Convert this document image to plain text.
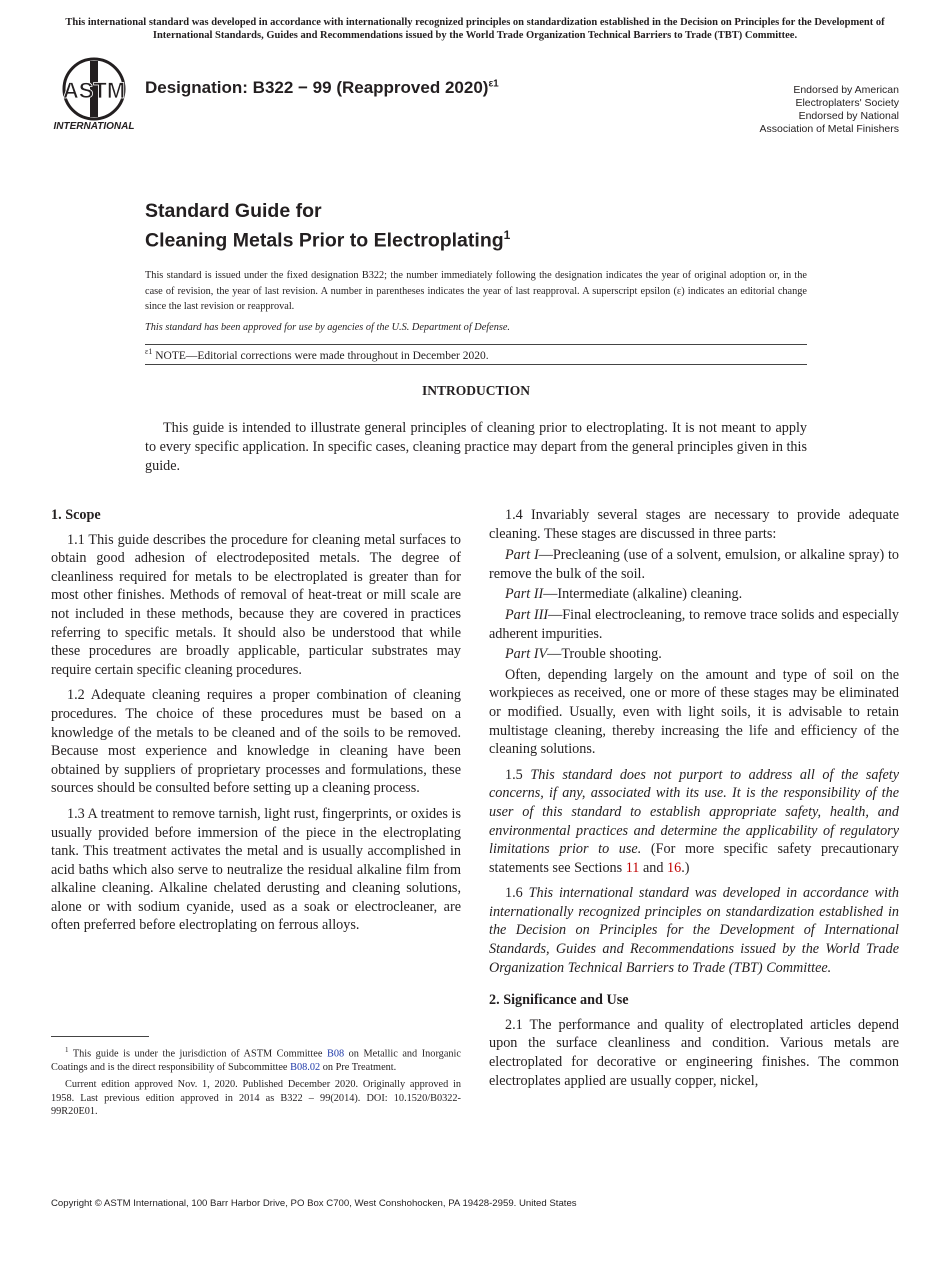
This international standard was developed in accordance with internationally recognized principles on standardization established in the Decision on Principles for the Development of International Standards, Guides and Recommendations issued by the World Trade Organization Technical Barriers to Trade (TBT) Committee.
ASTM
INTERNATIONAL
Designation: B322 − 99 (Reapproved 2020)$^{\varepsilon 1}$
Endorsed by American
Electroplaters' Society
Endorsed by National
Association of Metal Finishers
Standard Guide for
Cleaning Metals Prior to Electroplating$^1$
This standard is issued under the fixed designation B322; the number immediately following the designation indicates the year of original adoption or, in the case of revision, the year of last revision. A number in parentheses indicates the year of last reapproval. A superscript epsilon (ε) indicates an editorial change since the last revision or reapproval.
This standard has been approved for use by agencies of the U.S. Department of Defense.
$^{\varepsilon 1}$ NOTE—Editorial corrections were made throughout in December 2020.
INTRODUCTION
This guide is intended to illustrate general principles of cleaning prior to electroplating. It is not meant to apply to every specific application. In specific cases, cleaning practice may depart from the general principles given in this guide.
1. Scope

1.1 This guide describes the procedure for cleaning metal surfaces to obtain good adhesion of electrodeposited metals. The degree of cleanliness required for metals to be electroplated is greater than for most other finishes. Methods of removal of heat-treat or mill scale are not included in these methods, because they are covered in practices referring to specific metals. It should also be understood that while these procedures are broadly applicable, particular substrates may require certain specific cleaning procedures.

1.2 Adequate cleaning requires a proper combination of cleaning procedures. The choice of these procedures must be based on a knowledge of the metals to be cleaned and of the soils to be removed. Because most experience and knowledge in cleaning have been obtained by suppliers of proprietary processes and formulations, these sources should be consulted before setting up a cleaning process.

1.3 A treatment to remove tarnish, light rust, fingerprints, or oxides is usually provided before immersion of the piece in the electroplating tank. This treatment activates the metal and is usually accomplished in acid baths which also serve to neutralize the residual alkaline film from alkaline cleaning. Alkaline chelated derusting and cleaning solutions, alone or with sodium cyanide, used as a soak or electrocleaner, are often preferred before electroplating on ferrous alloys.

1.4 Invariably several stages are necessary to provide adequate cleaning. These stages are discussed in three parts:

Part I—Precleaning (use of a solvent, emulsion, or alkaline spray) to remove the bulk of the soil.

Part II—Intermediate (alkaline) cleaning.

Part III—Final electrocleaning, to remove trace solids and especially adherent impurities.

Part IV—Trouble shooting.

Often, depending largely on the amount and type of soil on the workpieces as received, one or more of these stages may be eliminated or modified. Usually, even with light soils, it is advisable to retain multistage cleaning, thereby increasing the life and efficiency of the cleaning solutions.

1.5 This standard does not purport to address all of the safety concerns, if any, associated with its use. It is the responsibility of the user of this standard to establish appropriate safety, health, and environmental practices and determine the applicability of regulatory limitations prior to use. (For more specific safety precautionary statements see Sections 11 and 16.)

1.6 This international standard was developed in accordance with internationally recognized principles on standardization established in the Decision on Principles for the Development of International Standards, Guides and Recommendations issued by the World Trade Organization Technical Barriers to Trade (TBT) Committee.

2. Significance and Use

2.1 The performance and quality of electroplated articles depend upon the surface cleanliness and condition. Various metals are electroplated for decorative or engineering finishes. The common electroplates applied are usually copper, nickel,

$^1$ This guide is under the jurisdiction of ASTM Committee B08 on Metallic and Inorganic Coatings and is the direct responsibility of Subcommittee B08.02 on Pre Treatment.

Current edition approved Nov. 1, 2020. Published December 2020. Originally approved in 1958. Last previous edition approved in 2014 as B322 – 99(2014). DOI: 10.1520/B0322-99R20E01.

Copyright © ASTM International, 100 Barr Harbor Drive, PO Box C700, West Conshohocken, PA 19428-2959. United States
